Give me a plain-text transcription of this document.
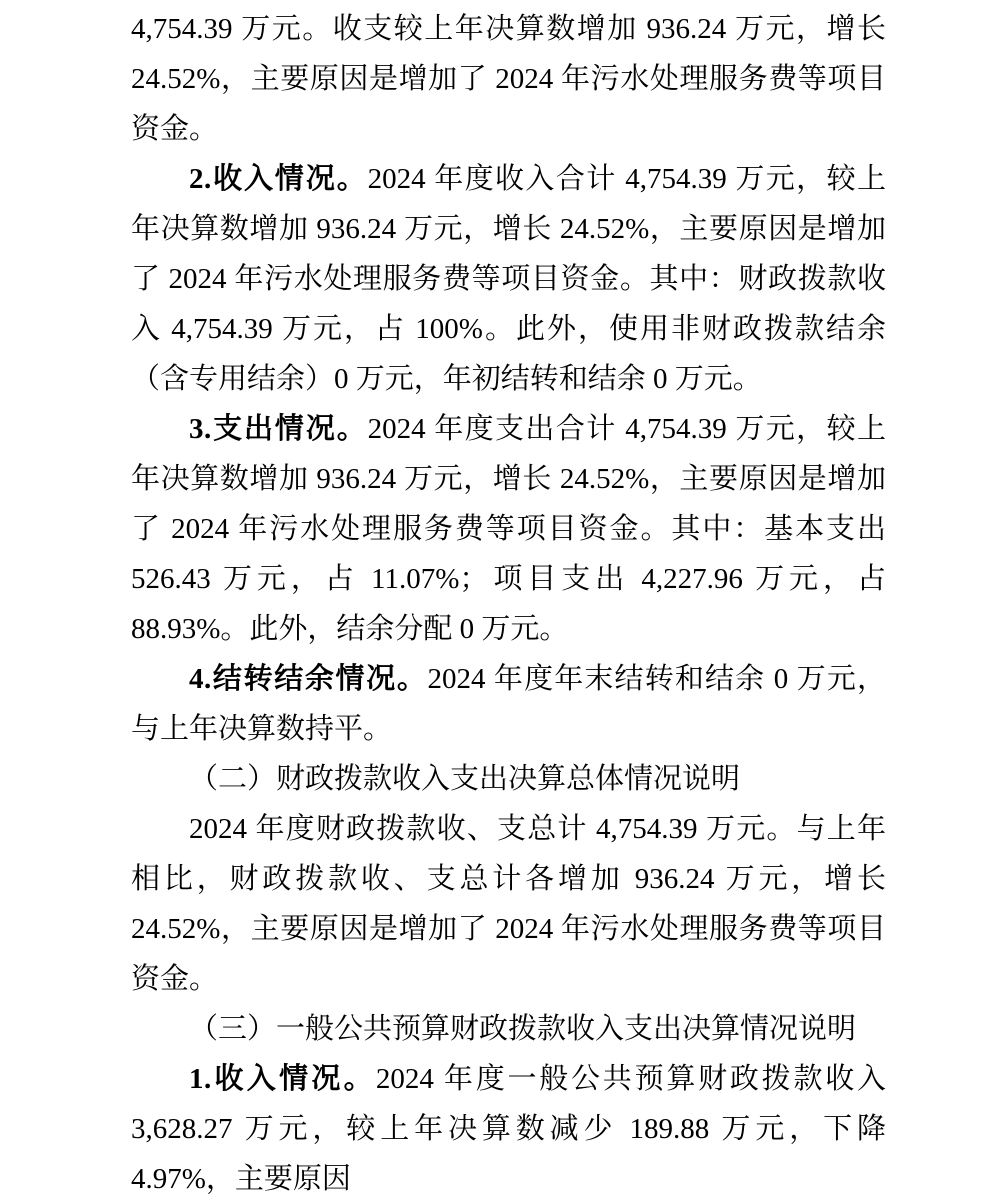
4,754.39 万元。收支较上年决算数增加 936.24 万元，增长 24.52%，主要原因是增加了 2024 年污水处理服务费等项目资金。

2.收入情况。2024 年度收入合计 4,754.39 万元，较上年决算数增加 936.24 万元，增长 24.52%，主要原因是增加了 2024 年污水处理服务费等项目资金。其中：财政拨款收入 4,754.39 万元，占 100%。此外，使用非财政拨款结余（含专用结余）0 万元，年初结转和结余 0 万元。

3.支出情况。2024 年度支出合计 4,754.39 万元，较上年决算数增加 936.24 万元，增长 24.52%，主要原因是增加了 2024 年污水处理服务费等项目资金。其中：基本支出 526.43 万元，占 11.07%；项目支出 4,227.96 万元，占 88.93%。此外，结余分配 0 万元。

4.结转结余情况。2024 年度年末结转和结余 0 万元，与上年决算数持平。

（二）财政拨款收入支出决算总体情况说明

2024 年度财政拨款收、支总计 4,754.39 万元。与上年相比，财政拨款收、支总计各增加 936.24 万元，增长 24.52%，主要原因是增加了 2024 年污水处理服务费等项目资金。

（三）一般公共预算财政拨款收入支出决算情况说明

1.收入情况。2024 年度一般公共预算财政拨款收入 3,628.27 万元，较上年决算数减少 189.88 万元，下降 4.97%，主要原因
